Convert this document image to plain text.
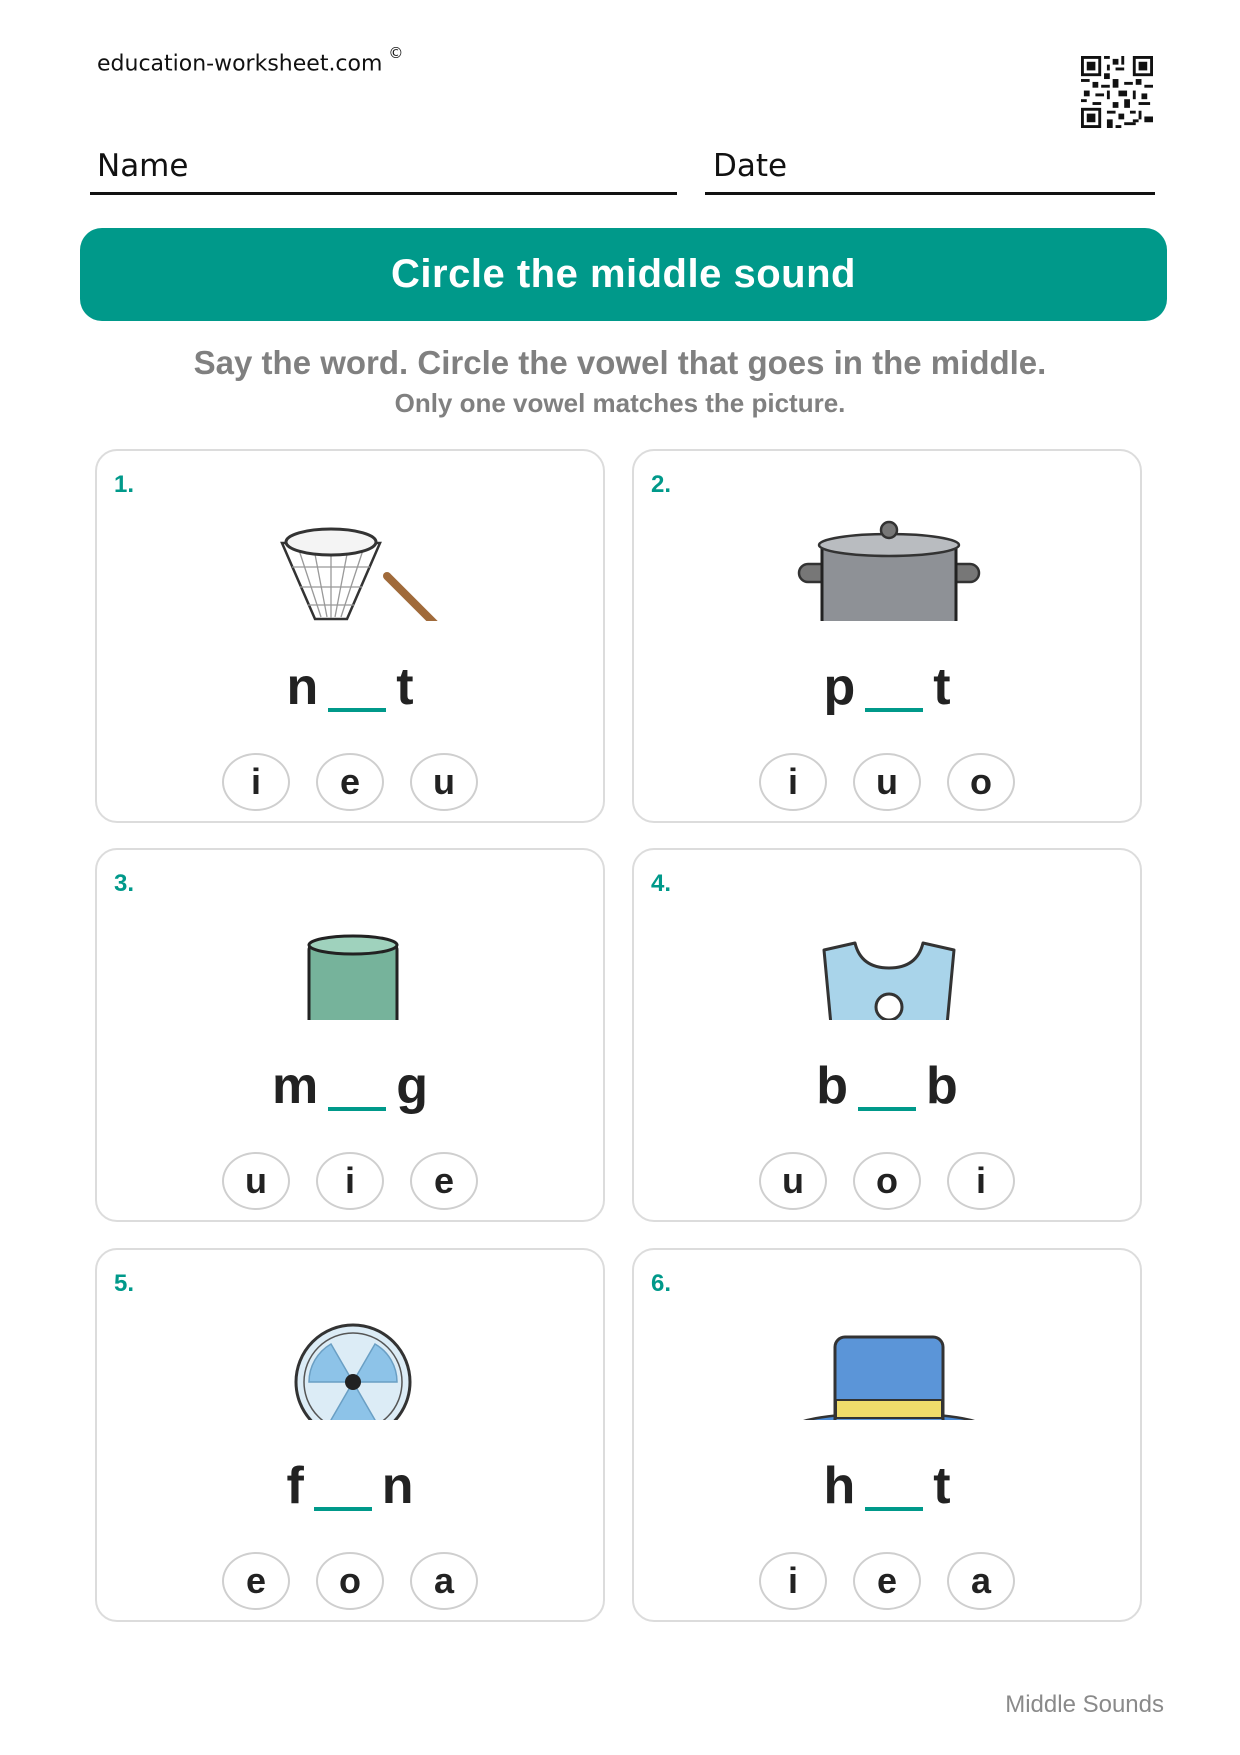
education-worksheet.com ©
Name	Date
Circle the middle sound
Say the word. Circle the vowel that goes in the middle.
Only one vowel matches the picture.
1.
n t
i	e	u
2.
p t
i	u	o
3.
m g
u	i	e
4.
b b
u	o	i
5.
f n
e	o	a
6.
h t
i	e	a
Middle Sounds
